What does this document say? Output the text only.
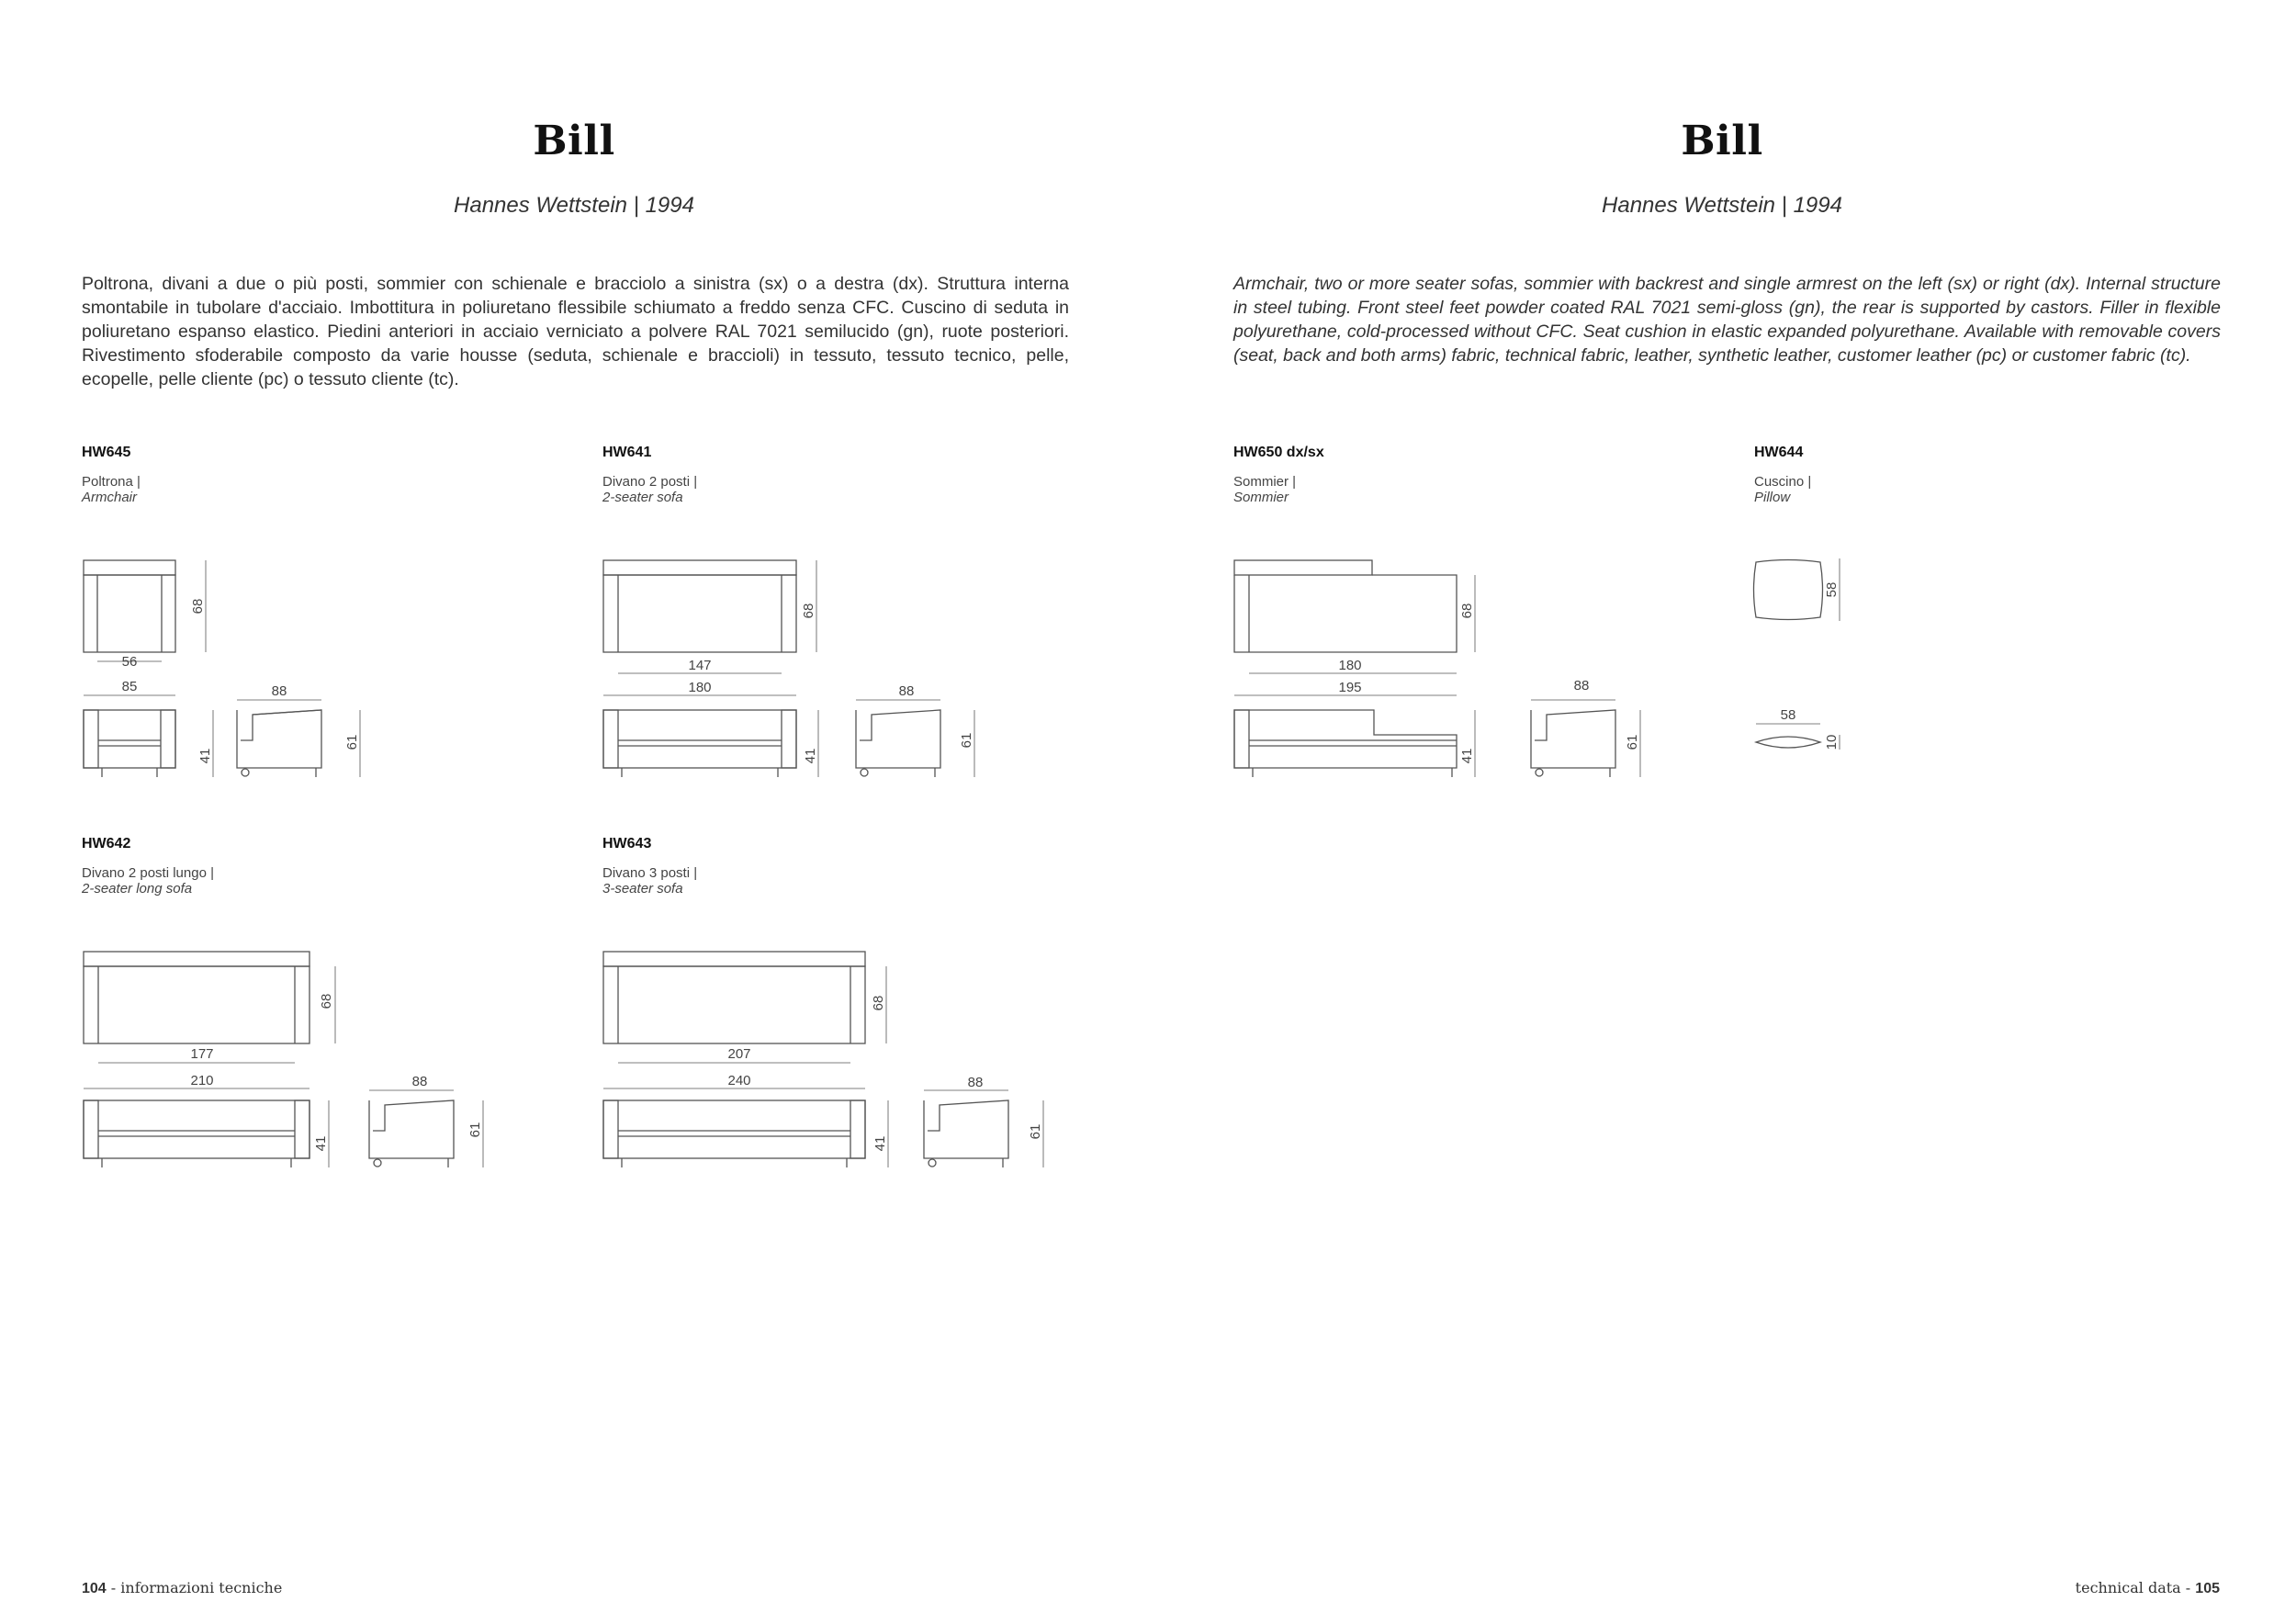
Bill
Hannes Wettstein | 1994
Poltrona, divani a due o più posti, sommier con schienale e bracciolo a sinistra (sx) o a destra (dx). Struttura interna smontabile in tubolare d'acciaio. Imbottitura in poliuretano flessibile schiumato a freddo senza CFC. Cuscino di seduta in poliuretano espanso elastico. Piedini anteriori in acciaio verniciato a polvere RAL 7021 semilucido (gn), ruote posteriori. Rivestimento sfoderabile composto da varie housse (seduta, schienale e braccioli) in tessuto, tessuto tecnico, pelle, ecopelle, pelle cliente (pc) o tessuto cliente (tc).
HW645
Poltrona |
Armchair
56
85	88
68
41
61
147
180	88
68
41
61
177
210	88
68
41
61
207
240	88
68
41
61
HW641
Divano 2 posti |
2-seater sofa
HW642
Divano 2 posti lungo |
2-seater long sofa
HW643
Divano 3 posti |
3-seater sofa
104 - informazioni tecniche
Bill
Hannes Wettstein | 1994
Armchair, two or more seater sofas, sommier with backrest and single armrest on the left (sx) or right (dx). Internal structure in steel tubing. Front steel feet powder coated RAL 7021 semi-gloss (gn), the rear is supported by castors. Filler in flexible polyurethane, cold-processed without CFC. Seat cushion in elastic expanded polyurethane. Available with removable covers (seat, back and both arms) fabric, technical fabric, leather, synthetic leather, customer leather (pc) or customer fabric (tc).
HW650 dx/sx
Sommier |
Sommier
HW644
Cuscino |
Pillow
180
195	88
68
41
61
58
58
10
technical data - 105
